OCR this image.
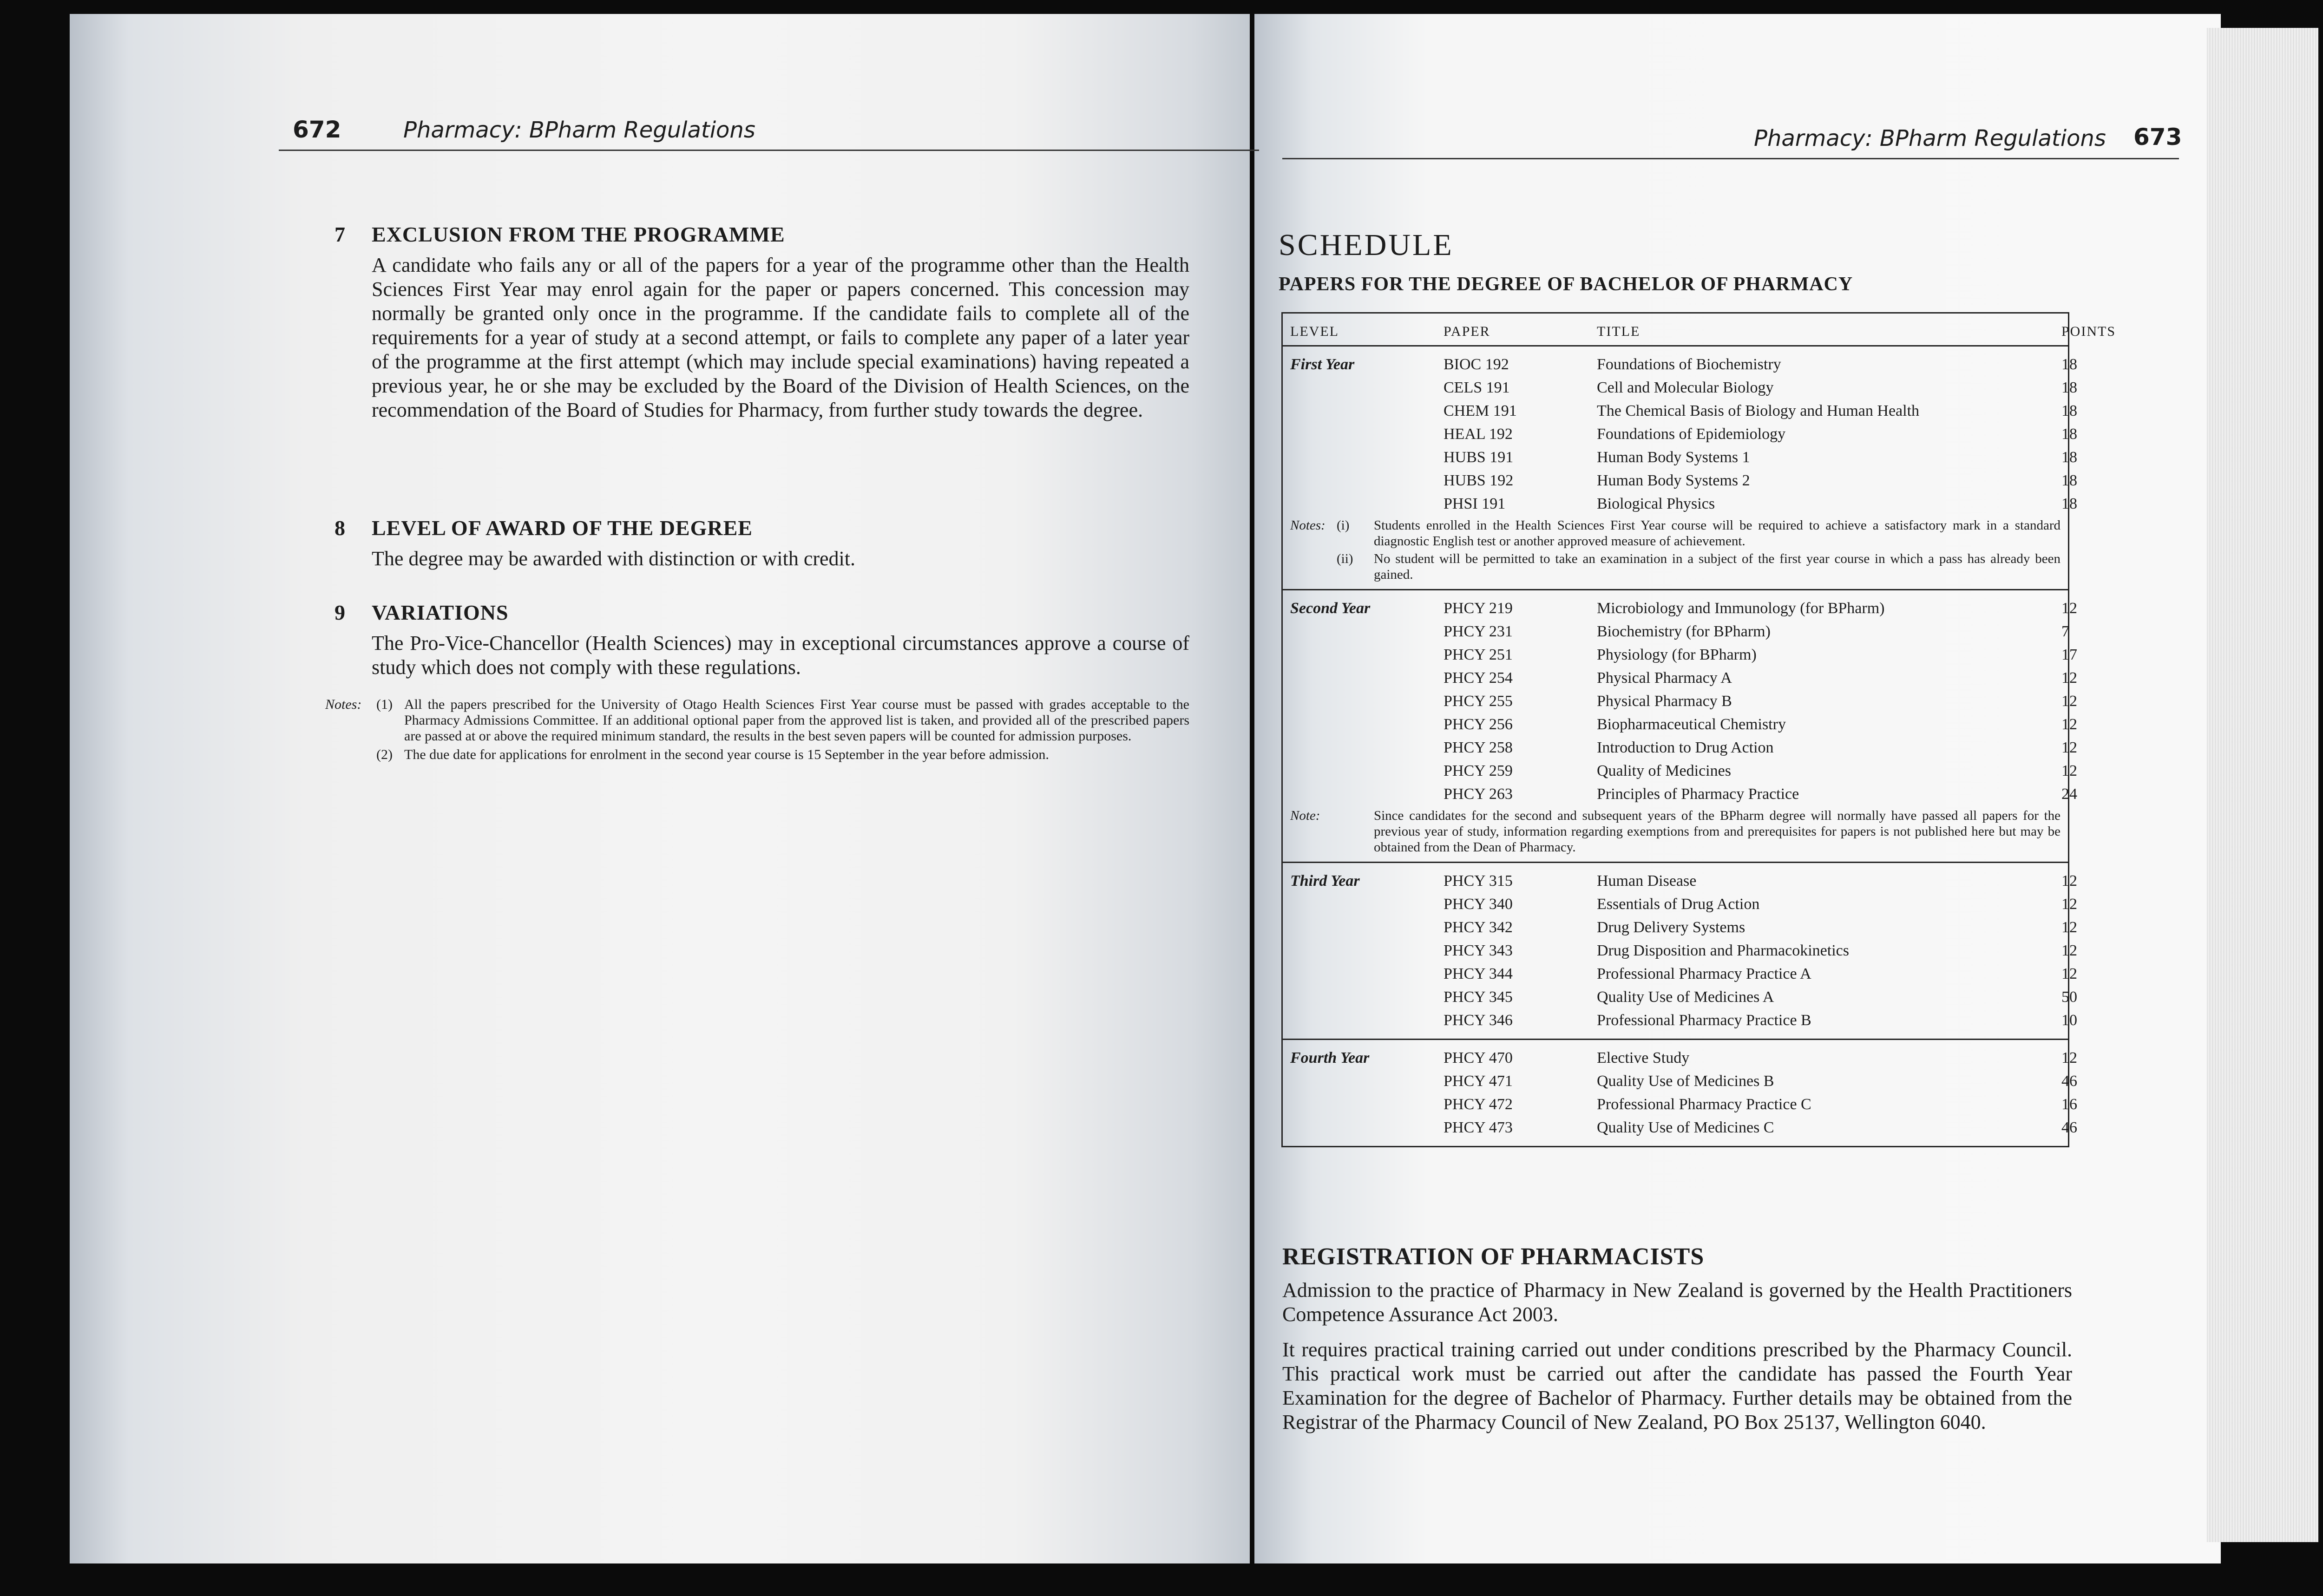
672	Pharmacy: BPharm Regulations
7	EXCLUSION FROM THE PROGRAMME
A candidate who fails any or all of the papers for a year of the programme other than the Health Sciences First Year may enrol again for the paper or papers concerned. This concession may normally be granted only once in the programme. If the candidate fails to complete all of the requirements for a year of study at a second attempt, or fails to complete any paper of a later year of the programme at the first attempt (which may include special examinations) having repeated a previous year, he or she may be excluded by the Board of the Division of Health Sciences, on the recommendation of the Board of Studies for Pharmacy, from further study towards the degree.
8	LEVEL OF AWARD OF THE DEGREE
The degree may be awarded with distinction or with credit.
9	VARIATIONS
The Pro-Vice-Chancellor (Health Sciences) may in exceptional circumstances approve a course of study which does not comply with these regulations.
Notes:	(1) All the papers prescribed for the University of Otago Health Sciences First Year course must be passed with grades acceptable to the Pharmacy Admissions Committee. If an additional optional paper from the approved list is taken, and provided all of the prescribed papers are passed at or above the required minimum standard, the results in the best seven papers will be counted for admission purposes.
(2) The due date for applications for enrolment in the second year course is 15 September in the year before admission.
Pharmacy: BPharm Regulations 673
SCHEDULE
PAPERS FOR THE DEGREE OF BACHELOR OF PHARMACY
LEVEL	PAPER	TITLE	POINTS
First Year	BIOC 192	Foundations of Biochemistry	18
CELS 191	Cell and Molecular Biology	18
CHEM 191	The Chemical Basis of Biology and Human Health	18
HEAL 192	Foundations of Epidemiology	18
HUBS 191	Human Body Systems 1	18
HUBS 192	Human Body Systems 2	18
PHSI 191	Biological Physics	18
Notes: (i)	Students enrolled in the Health Sciences First Year course will be required to achieve a satisfactory mark in a standard diagnostic English test or another approved measure of achievement.
(ii)	No student will be permitted to take an examination in a subject of the first year course in which a pass has already been gained.
Second Year	PHCY 219	Microbiology and Immunology (for BPharm)	12
PHCY 231	Biochemistry (for BPharm)	7
PHCY 251	Physiology (for BPharm)	17
PHCY 254	Physical Pharmacy A	12
PHCY 255	Physical Pharmacy B	12
PHCY 256	Biopharmaceutical Chemistry	12
PHCY 258	Introduction to Drug Action	12
PHCY 259	Quality of Medicines	12
PHCY 263	Principles of Pharmacy Practice	24
Note:	Since candidates for the second and subsequent years of the BPharm degree will normally have passed all papers for the previous year of study, information regarding exemptions from and prerequisites for papers is not published here but may be obtained from the Dean of Pharmacy.
Third Year	PHCY 315	Human Disease	12
PHCY 340	Essentials of Drug Action	12
PHCY 342	Drug Delivery Systems	12
PHCY 343	Drug Disposition and Pharmacokinetics	12
PHCY 344	Professional Pharmacy Practice A	12
PHCY 345	Quality Use of Medicines A	50
PHCY 346	Professional Pharmacy Practice B	10
Fourth Year	PHCY 470	Elective Study	12
PHCY 471	Quality Use of Medicines B	46
PHCY 472	Professional Pharmacy Practice C	16
PHCY 473	Quality Use of Medicines C	46
REGISTRATION OF PHARMACISTS
Admission to the practice of Pharmacy in New Zealand is governed by the Health Practitioners Competence Assurance Act 2003.
It requires practical training carried out under conditions prescribed by the Pharmacy Council. This practical work must be carried out after the candidate has passed the Fourth Year Examination for the degree of Bachelor of Pharmacy. Further details may be obtained from the Registrar of the Pharmacy Council of New Zealand, PO Box 25137, Wellington 6040.
